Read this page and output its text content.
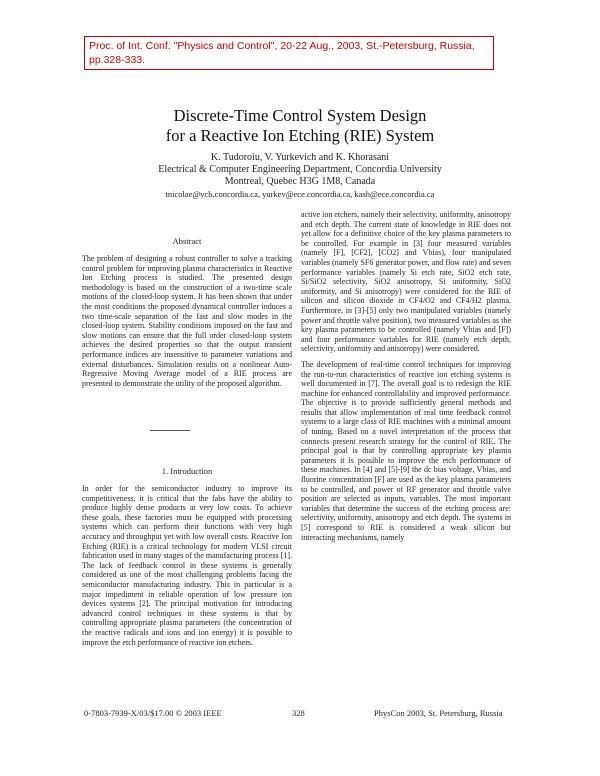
Proc. of Int. Conf. "Physics and Control", 20-22 Aug., 2003, St.-Petersburg, Russia, pp.328-333.
Discrete-Time Control System Design
for a Reactive Ion Etching (RIE) System
K. Tudoroiu, V. Yurkevich and K. Khorasani
Electrical & Computer Engineering Department, Concordia University
Montreal, Quebec H3G 1M8, Canada
tnicolae@vcb.concordia.ca, yurkev@ece.concordia.ca, kash@ece.concordia.ca
Abstract

The problem of designing a robust controller to solve a tracking control problem for improving plasma characteristics in Reactive Ion Etching process is studied. The presented design methodology is based on the construction of a two-time scale motions of the closed-loop system. It has been shown that under the most conditions the proposed dynamical controller induces a two time-scale separation of the fast and slow modes in the closed-loop system. Stability conditions imposed on the fast and slow motions can ensure that the full order closed-loop system achieves the desired properties so that the output transient performance indices are insensitive to parameter variations and external disturbances. Simulation results on a nonlinear Auto-Regressive Moving Average model of a RIE process are presented to demonstrate the utility of the proposed algorithm.

1. Introduction

In order for the semiconductor industry to improve its competitiveness, it is critical that the fabs have the ability to produce highly dense products at very low costs. To achieve these goals, these factories must be equipped with processing systems which can perform their functions with very high accuracy and throughput yet with low overall costs. Reactive Ion Etching (RIE) is a critical technology for modern VLSI circuit fabrication used in many stages of the manufacturing process [1]. The lack of feedback control in these systems is generally considered as one of the most challenging problems facing the semiconductor manufacturing industry. This in particular is a major impediment in reliable operation of low pressure ion devices systems [2]. The principal motivation for introducing advanced control techniques in these systems is that by controlling appropriate plasma parameters (the concentration of the reactive radicals and ions and ion energy) it is possible to improve the etch performance of reactive ion etchers.

active ion etchers, namely their selectivity, uniformity, anisotropy and etch depth. The current state of knowledge in RIE does not yet allow for a definitive choice of the key plasma parameters to be controlled. For example in [3] four measured variables (namely [F], [CF2], [CO2] and Vbias), four manipulated variables (namely SF6 generator power, and flow rate) and seven performance variables (namely Si etch rate, SiO2 etch rate, Si/SiO2 selectivity, SiO2 anisotropy, Si uniformity, SiO2 uniformity, and Si anisotropy) were considered for the RIE of silicon and silicon dioxide in CF4/O2 and CF4/H2 plasma. Furthermore, in [3]-[5] only two manipulated variables (namely power and throttle valve position), two measured variables as the key plasma parameters to be controlled (namely Vbias and [F]) and four performance variables for RIE (namely etch depth, selectivity, uniformity and anisotropy) were considered.

The development of real-time control techniques for improving the run-to-run characteristics of reactive ion etching systems is well documented in [7]. The overall goal is to redesign the RIE machine for enhanced controllability and improved performance. The objective is to provide sufficiently general methods and results that allow implementation of real time feedback control systems to a large class of RIE machines with a minimal amount of tuning. Based on a novel interpretation of the process that connects present research strategy for the control of RIE. The principal goal is that by controlling appropriate key plasma parameters it is possible to improve the etch performance of these machines. In [4] and [5]-[9] the dc bias voltage, Vbias, and fluorine concentration [F] are used as the key plasma parameters to be controlled, and power of RF generator and throttle valve position are selected as inputs, variables. The most important variables that determine the success of the etching process are: selectivity, uniformity, anisotropy and etch depth. The systems in [5] correspond to RIE is considered a weak silicon but interacting mechanisms, namely

0-7803-7939-X/03/$17.00 © 2003 IEEE	328	PhysCon 2003, St. Petersburg, Russia
